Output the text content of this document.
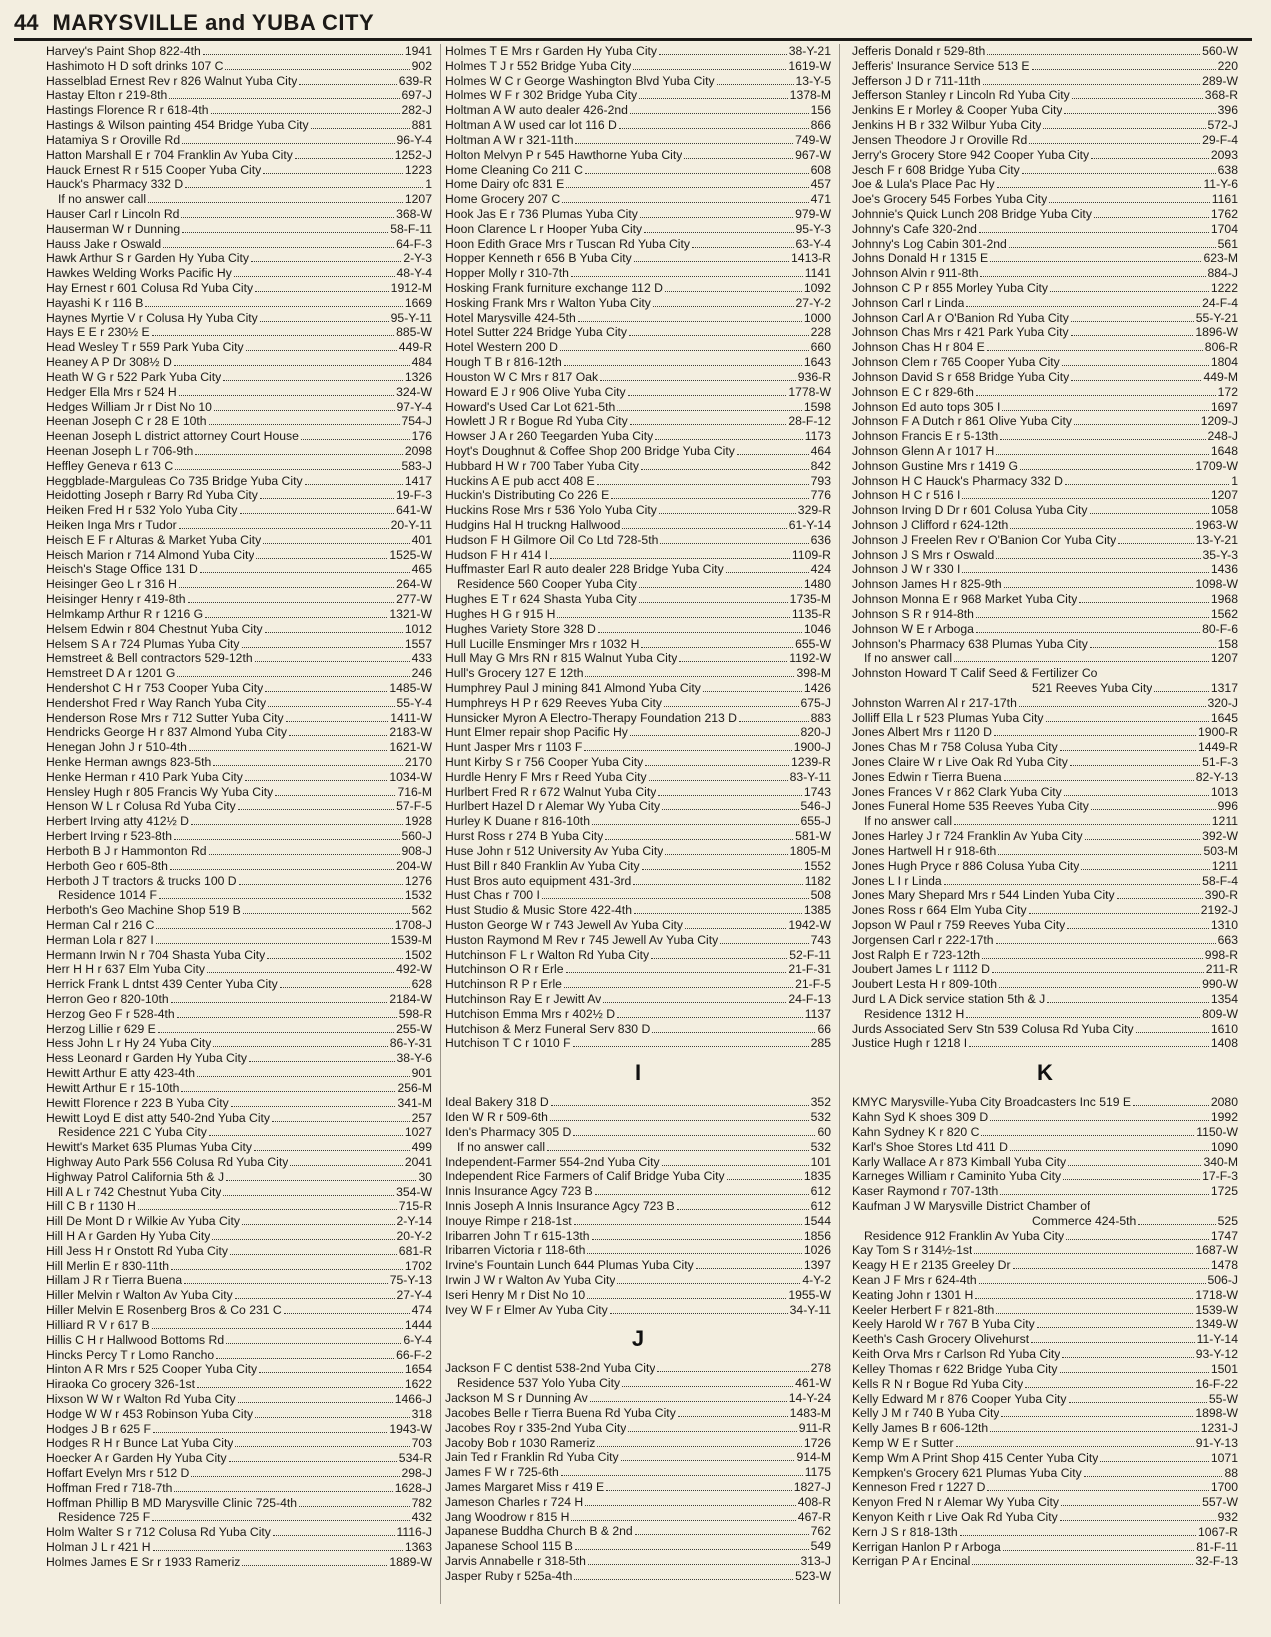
44 MARYSVILLE and YUBA CITY
Harvey's Paint Shop 822-4th	1941
Hashimoto H D soft drinks 107 C	902
Hasselblad Ernest Rev r 826 Walnut Yuba City	639-R
Hastay Elton r 219-8th	697-J
Hastings Florence R r 618-4th	282-J
Hastings & Wilson painting 454 Bridge Yuba City	881
Hatamiya S r Oroville Rd	96-Y-4
Hatton Marshall E r 704 Franklin Av Yuba City	1252-J
Hauck Ernest R r 515 Cooper Yuba City	1223
Hauck's Pharmacy 332 D	1
If no answer call	1207
Hauser Carl r Lincoln Rd	368-W
Hauserman W r Dunning	58-F-11
Hauss Jake r Oswald	64-F-3
Hawk Arthur S r Garden Hy Yuba City	2-Y-3
Hawkes Welding Works Pacific Hy	48-Y-4
Hay Ernest r 601 Colusa Rd Yuba City	1912-M
Hayashi K r 116 B	1669
Haynes Myrtie V r Colusa Hy Yuba City	95-Y-11
Hays E E r 230½ E	885-W
Head Wesley T r 559 Park Yuba City	449-R
Heaney A P Dr 308½ D	484
Heath W G r 522 Park Yuba City	1326
Hedger Ella Mrs r 524 H	324-W
Hedges William Jr r Dist No 10	97-Y-4
Heenan Joseph C r 28 E 10th	754-J
Heenan Joseph L district attorney Court House	176
Heenan Joseph L r 706-9th	2098
Heffley Geneva r 613 C	583-J
Heggblade-Marguleas Co 735 Bridge Yuba City	1417
Heidotting Joseph r Barry Rd Yuba City	19-F-3
Heiken Fred H r 532 Yolo Yuba City	641-W
Heiken Inga Mrs r Tudor	20-Y-11
Heisch E F r Alturas & Market Yuba City	401
Heisch Marion r 714 Almond Yuba City	1525-W
Heisch's Stage Office 131 D	465
Heisinger Geo L r 316 H	264-W
Heisinger Henry r 419-8th	277-W
Helmkamp Arthur R r 1216 G	1321-W
Helsem Edwin r 804 Chestnut Yuba City	1012
Helsem S A r 724 Plumas Yuba City	1557
Hemstreet & Bell contractors 529-12th	433
Hemstreet D A r 1201 G	246
Hendershot C H r 753 Cooper Yuba City	1485-W
Hendershot Fred r Way Ranch Yuba City	55-Y-4
Henderson Rose Mrs r 712 Sutter Yuba City	1411-W
Hendricks George H r 837 Almond Yuba City	2183-W
Henegan John J r 510-4th	1621-W
Henke Herman awngs 823-5th	2170
Henke Herman r 410 Park Yuba City	1034-W
Hensley Hugh r 805 Francis Wy Yuba City	716-M
Henson W L r Colusa Rd Yuba City	57-F-5
Herbert Irving atty 412½ D	1928
Herbert Irving r 523-8th	560-J
Herboth B J r Hammonton Rd	908-J
Herboth Geo r 605-8th	204-W
Herboth J T tractors & trucks 100 D	1276
Residence 1014 F	1532
Herboth's Geo Machine Shop 519 B	562
Herman Cal r 216 C	1708-J
Herman Lola r 827 I	1539-M
Hermann Irwin N r 704 Shasta Yuba City	1502
Herr H H r 637 Elm Yuba City	492-W
Herrick Frank L dntst 439 Center Yuba City	628
Herron Geo r 820-10th	2184-W
Herzog Geo F r 528-4th	598-R
Herzog Lillie r 629 E	255-W
Hess John L r Hy 24 Yuba City	86-Y-31
Hess Leonard r Garden Hy Yuba City	38-Y-6
Hewitt Arthur E atty 423-4th	901
Hewitt Arthur E r 15-10th	256-M
Hewitt Florence r 223 B Yuba City	341-M
Hewitt Loyd E dist atty 540-2nd Yuba City	257
Residence 221 C Yuba City	1027
Hewitt's Market 635 Plumas Yuba City	499
Highway Auto Park 556 Colusa Rd Yuba City	2041
Highway Patrol California 5th & J	30
Hill A L r 742 Chestnut Yuba City	354-W
Hill C B r 1130 H	715-R
Hill De Mont D r Wilkie Av Yuba City	2-Y-14
Hill H A r Garden Hy Yuba City	20-Y-2
Hill Jess H r Onstott Rd Yuba City	681-R
Hill Merlin E r 830-11th	1702
Hillam J R r Tierra Buena	75-Y-13
Hiller Melvin r Walton Av Yuba City	27-Y-4
Hiller Melvin E Rosenberg Bros & Co 231 C	474
Hilliard R V r 617 B	1444
Hillis C H r Hallwood Bottoms Rd	6-Y-4
Hincks Percy T r Lomo Rancho	66-F-2
Hinton A R Mrs r 525 Cooper Yuba City	1654
Hiraoka Co grocery 326-1st	1622
Hixson W W r Walton Rd Yuba City	1466-J
Hodge W W r 453 Robinson Yuba City	318
Hodges J B r 625 F	1943-W
Hodges R H r Bunce Lat Yuba City	703
Hoecker A r Garden Hy Yuba City	534-R
Hoffart Evelyn Mrs r 512 D	298-J
Hoffman Fred r 718-7th	1628-J
Hoffman Phillip B MD Marysville Clinic 725-4th	782
Residence 725 F	432
Holm Walter S r 712 Colusa Rd Yuba City	1116-J
Holman J L r 421 H	1363
Holmes James E Sr r 1933 Rameriz	1889-W
Holmes T E Mrs r Garden Hy Yuba City	38-Y-21
Holmes T J r 552 Bridge Yuba City	1619-W
Holmes W C r George Washington Blvd Yuba City	13-Y-5
Holmes W F r 302 Bridge Yuba City	1378-M
Holtman A W auto dealer 426-2nd	156
Holtman A W used car lot 116 D	866
Holtman A W r 321-11th	749-W
Holton Melvyn P r 545 Hawthorne Yuba City	967-W
Home Cleaning Co 211 C	608
Home Dairy ofc 831 E	457
Home Grocery 207 C	471
Hook Jas E r 736 Plumas Yuba City	979-W
Hoon Clarence L r Hooper Yuba City	95-Y-3
Hoon Edith Grace Mrs r Tuscan Rd Yuba City	63-Y-4
Hopper Kenneth r 656 B Yuba City	1413-R
Hopper Molly r 310-7th	1141
Hosking Frank furniture exchange 112 D	1092
Hosking Frank Mrs r Walton Yuba City	27-Y-2
Hotel Marysville 424-5th	1000
Hotel Sutter 224 Bridge Yuba City	228
Hotel Western 200 D	660
Hough T B r 816-12th	1643
Houston W C Mrs r 817 Oak	936-R
Howard E J r 906 Olive Yuba City	1778-W
Howard's Used Car Lot 621-5th	1598
Howlett J R r Bogue Rd Yuba City	28-F-12
Howser J A r 260 Teegarden Yuba City	1173
Hoyt's Doughnut & Coffee Shop 200 Bridge Yuba City	464
Hubbard H W r 700 Taber Yuba City	842
Huckins A E pub acct 408 E	793
Huckin's Distributing Co 226 E	776
Huckins Rose Mrs r 536 Yolo Yuba City	329-R
Hudgins Hal H truckng Hallwood	61-Y-14
Hudson F H Gilmore Oil Co Ltd 728-5th	636
Hudson F H r 414 I	1109-R
Huffmaster Earl R auto dealer 228 Bridge Yuba City	424
Residence 560 Cooper Yuba City	1480
Hughes E T r 624 Shasta Yuba City	1735-M
Hughes H G r 915 H	1135-R
Hughes Variety Store 328 D	1046
Hull Lucille Ensminger Mrs r 1032 H	655-W
Hull May G Mrs RN r 815 Walnut Yuba City	1192-W
Hull's Grocery 127 E 12th	398-M
Humphrey Paul J mining 841 Almond Yuba City	1426
Humphreys H P r 629 Reeves Yuba City	675-J
Hunsicker Myron A Electro-Therapy Foundation 213 D	883
Hunt Elmer repair shop Pacific Hy	820-J
Hunt Jasper Mrs r 1103 F	1900-J
Hunt Kirby S r 756 Cooper Yuba City	1239-R
Hurdle Henry F Mrs r Reed Yuba City	83-Y-11
Hurlbert Fred R r 672 Walnut Yuba City	1743
Hurlbert Hazel D r Alemar Wy Yuba City	546-J
Hurley K Duane r 816-10th	655-J
Hurst Ross r 274 B Yuba City	581-W
Huse John r 512 University Av Yuba City	1805-M
Hust Bill r 840 Franklin Av Yuba City	1552
Hust Bros auto equipment 431-3rd	1182
Hust Chas r 700 I	508
Hust Studio & Music Store 422-4th	1385
Huston George W r 743 Jewell Av Yuba City	1942-W
Huston Raymond M Rev r 745 Jewell Av Yuba City	743
Hutchinson F L r Walton Rd Yuba City	52-F-11
Hutchinson O R r Erle	21-F-31
Hutchinson R P r Erle	21-F-5
Hutchinson Ray E r Jewitt Av	24-F-13
Hutchison Emma Mrs r 402½ D	1137
Hutchison & Merz Funeral Serv 830 D	66
Hutchison T C r 1010 F	285
I
Ideal Bakery 318 D	352
Iden W R r 509-6th	532
Iden's Pharmacy 305 D	60
If no answer call	532
Independent-Farmer 554-2nd Yuba City	101
Independent Rice Farmers of Calif Bridge Yuba City	1835
Innis Insurance Agcy 723 B	612
Innis Joseph A Innis Insurance Agcy 723 B	612
Inouye Rimpe r 218-1st	1544
Iribarren John T r 615-13th	1856
Iribarren Victoria r 118-6th	1026
Irvine's Fountain Lunch 644 Plumas Yuba City	1397
Irwin J W r Walton Av Yuba City	4-Y-2
Iseri Henry M r Dist No 10	1955-W
Ivey W F r Elmer Av Yuba City	34-Y-11
J
Jackson F C dentist 538-2nd Yuba City	278
Residence 537 Yolo Yuba City	461-W
Jackson M S r Dunning Av	14-Y-24
Jacobes Belle r Tierra Buena Rd Yuba City	1483-M
Jacobes Roy r 335-2nd Yuba City	911-R
Jacoby Bob r 1030 Rameriz	1726
Jain Ted r Franklin Rd Yuba City	914-M
James F W r 725-6th	1175
James Margaret Miss r 419 E	1827-J
Jameson Charles r 724 H	408-R
Jang Woodrow r 815 H	467-R
Japanese Buddha Church B & 2nd	762
Japanese School 115 B	549
Jarvis Annabelle r 318-5th	313-J
Jasper Ruby r 525a-4th	523-W
Jefferis Donald r 529-8th	560-W
Jefferis' Insurance Service 513 E	220
Jefferson J D r 711-11th	289-W
Jefferson Stanley r Lincoln Rd Yuba City	368-R
Jenkins E r Morley & Cooper Yuba City	396
Jenkins H B r 332 Wilbur Yuba City	572-J
Jensen Theodore J r Oroville Rd	29-F-4
Jerry's Grocery Store 942 Cooper Yuba City	2093
Jesch F r 608 Bridge Yuba City	638
Joe & Lula's Place Pac Hy	11-Y-6
Joe's Grocery 545 Forbes Yuba City	1161
Johnnie's Quick Lunch 208 Bridge Yuba City	1762
Johnny's Cafe 320-2nd	1704
Johnny's Log Cabin 301-2nd	561
Johns Donald H r 1315 E	623-M
Johnson Alvin r 911-8th	884-J
Johnson C P r 855 Morley Yuba City	1222
Johnson Carl r Linda	24-F-4
Johnson Carl A r O'Banion Rd Yuba City	55-Y-21
Johnson Chas Mrs r 421 Park Yuba City	1896-W
Johnson Chas H r 804 E	806-R
Johnson Clem r 765 Cooper Yuba City	1804
Johnson David S r 658 Bridge Yuba City	449-M
Johnson E C r 829-6th	172
Johnson Ed auto tops 305 I	1697
Johnson F A Dutch r 861 Olive Yuba City	1209-J
Johnson Francis E r 5-13th	248-J
Johnson Glenn A r 1017 H	1648
Johnson Gustine Mrs r 1419 G	1709-W
Johnson H C Hauck's Pharmacy 332 D	1
Johnson H C r 516 I	1207
Johnson Irving D Dr r 601 Colusa Yuba City	1058
Johnson J Clifford r 624-12th	1963-W
Johnson J Freelen Rev r O'Banion Cor Yuba City	13-Y-21
Johnson J S Mrs r Oswald	35-Y-3
Johnson J W r 330 I	1436
Johnson James H r 825-9th	1098-W
Johnson Monna E r 968 Market Yuba City	1968
Johnson S R r 914-8th	1562
Johnson W E r Arboga	80-F-6
Johnson's Pharmacy 638 Plumas Yuba City	158
If no answer call	1207
Johnston Howard T Calif Seed & Fertilizer Co
521 Reeves Yuba City	1317
Johnston Warren Al r 217-17th	320-J
Jolliff Ella L r 523 Plumas Yuba City	1645
Jones Albert Mrs r 1120 D	1900-R
Jones Chas M r 758 Colusa Yuba City	1449-R
Jones Claire W r Live Oak Rd Yuba City	51-F-3
Jones Edwin r Tierra Buena	82-Y-13
Jones Frances V r 862 Clark Yuba City	1013
Jones Funeral Home 535 Reeves Yuba City	996
If no answer call	1211
Jones Harley J r 724 Franklin Av Yuba City	392-W
Jones Hartwell H r 918-6th	503-M
Jones Hugh Pryce r 886 Colusa Yuba City	1211
Jones L I r Linda	58-F-4
Jones Mary Shepard Mrs r 544 Linden Yuba City	390-R
Jones Ross r 664 Elm Yuba City	2192-J
Jopson W Paul r 759 Reeves Yuba City	1310
Jorgensen Carl r 222-17th	663
Jost Ralph E r 723-12th	998-R
Joubert James L r 1112 D	211-R
Joubert Lesta H r 809-10th	990-W
Jurd L A Dick service station 5th & J	1354
Residence 1312 H	809-W
Jurds Associated Serv Stn 539 Colusa Rd Yuba City	1610
Justice Hugh r 1218 I	1408
K
KMYC Marysville-Yuba City Broadcasters Inc 519 E	2080
Kahn Syd K shoes 309 D	1992
Kahn Sydney K r 820 C	1150-W
Karl's Shoe Stores Ltd 411 D	1090
Karly Wallace A r 873 Kimball Yuba City	340-M
Karneges William r Caminito Yuba City	17-F-3
Kaser Raymond r 707-13th	1725
Kaufman J W Marysville District Chamber of
Commerce 424-5th	525
Residence 912 Franklin Av Yuba City	1747
Kay Tom S r 314½-1st	1687-W
Keagy H E r 2135 Greeley Dr	1478
Kean J F Mrs r 624-4th	506-J
Keating John r 1301 H	1718-W
Keeler Herbert F r 821-8th	1539-W
Keely Harold W r 767 B Yuba City	1349-W
Keeth's Cash Grocery Olivehurst	11-Y-14
Keith Orva Mrs r Carlson Rd Yuba City	93-Y-12
Kelley Thomas r 622 Bridge Yuba City	1501
Kells R N r Bogue Rd Yuba City	16-F-22
Kelly Edward M r 876 Cooper Yuba City	55-W
Kelly J M r 740 B Yuba City	1898-W
Kelly James B r 606-12th	1231-J
Kemp W E r Sutter	91-Y-13
Kemp Wm A Print Shop 415 Center Yuba City	1071
Kempken's Grocery 621 Plumas Yuba City	88
Kenneson Fred r 1227 D	1700
Kenyon Fred N r Alemar Wy Yuba City	557-W
Kenyon Keith r Live Oak Rd Yuba City	932
Kern J S r 818-13th	1067-R
Kerrigan Hanlon P r Arboga	81-F-11
Kerrigan P A r Encinal	32-F-13
